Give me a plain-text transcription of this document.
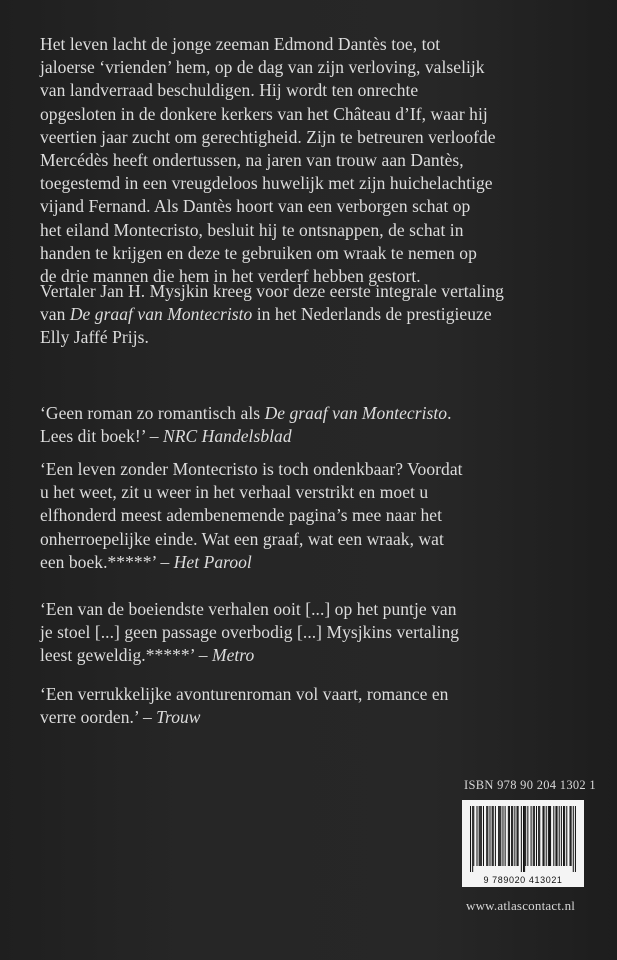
Het leven lacht de jonge zeeman Edmond Dantès toe, tot
jaloerse ‘vrienden’ hem, op de dag van zijn verloving, valselijk
van landverraad beschuldigen. Hij wordt ten onrechte
opgesloten in de donkere kerkers van het Château d’If, waar hij
veertien jaar zucht om gerechtigheid. Zijn te betreuren verloofde
Mercédès heeft ondertussen, na jaren van trouw aan Dantès,
toegestemd in een vreugdeloos huwelijk met zijn huichelachtige
vijand Fernand. Als Dantès hoort van een verborgen schat op
het eiland Montecristo, besluit hij te ontsnappen, de schat in
handen te krijgen en deze te gebruiken om wraak te nemen op
de drie mannen die hem in het verderf hebben gestort.

Vertaler Jan H. Mysjkin kreeg voor deze eerste integrale vertaling
van De graaf van Montecristo in het Nederlands de prestigieuze
Elly Jaffé Prijs.

‘Geen roman zo romantisch als De graaf van Montecristo.
Lees dit boek!’ – NRC Handelsblad

‘Een leven zonder Montecristo is toch ondenkbaar? Voordat
u het weet, zit u weer in het verhaal verstrikt en moet u
elfhonderd meest adembenemende pagina’s mee naar het
onherroepelijke einde. Wat een graaf, wat een wraak, wat
een boek.*****’ – Het Parool

‘Een van de boeiendste verhalen ooit [...] op het puntje van
je stoel [...] geen passage overbodig [...] Mysjkins vertaling
leest geweldig.*****’ – Metro

‘Een verrukkelijke avonturenroman vol vaart, romance en
verre oorden.’ – Trouw

ISBN 978 90 204 1302 1
9 789020 413021
www.atlascontact.nl
